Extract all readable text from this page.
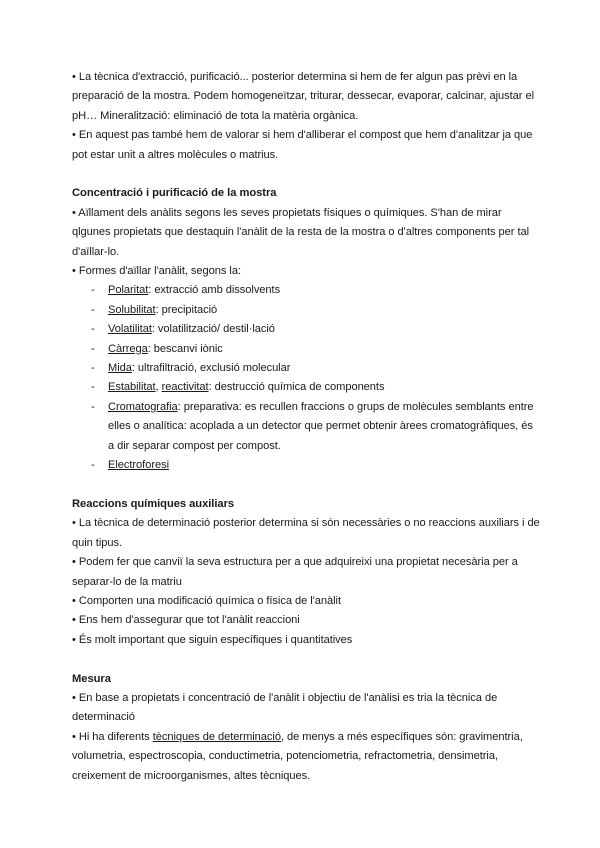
• La tècnica d'extracció, purificació... posterior determina si hem de fer algun pas prèvi en la preparació de la mostra. Podem homogeneïtzar, triturar, dessecar, evaporar, calcinar, ajustar el pH… Mineralització: eliminació de tota la matèria orgànica.

• En aquest pas també hem de valorar si hem d'alliberar el compost que hem d'analitzar ja que pot estar unit a altres molècules o matrius.

Concentració i purificació de la mostra

• Aïllament dels anàlits segons les seves propietats físiques o químiques. S'han de mirar qlgunes propietats que destaquin l'anàlit de la resta de la mostra o d'altres components per tal d'aïllar-lo.

• Formes d'aïllar l'anàlit, segons la:

- Polaritat: extracció amb dissolvents
- Solubilitat: precipitació
- Volatilitat: volatilització/ destil·lació
- Càrrega: bescanvi iònic
- Mida: ultrafiltració, exclusió molecular
- Estabilitat, reactivitat: destrucció química de components
- Cromatografia: preparativa: es recullen fraccions o grups de molècules semblants entre elles o analítica: acoplada a un detector que permet obtenir àrees cromatogràfiques, és a dir separar compost per compost.
- Electroforesi
Reaccions químiques auxiliars

• La tècnica de determinació posterior determina si són necessàries o no reaccions auxiliars i de quin tipus.

• Podem fer que canviï la seva estructura per a que adquireixi una propietat necesària per a separar-lo de la matriu

• Comporten una modificació química o física de l'anàlit

• Ens hem d'assegurar que tot l'anàlit reaccioni

• És molt important que siguin específiques i quantitatives

Mesura

• En base a propietats i concentració de l'anàlit i objectiu de l'anàlisi es tria la tècnica de determinació

• Hi ha diferents tècniques de determinació, de menys a més específiques són: gravimentria, volumetria, espectroscopia, conductimetria, potenciometria, refractometria, densimetria, creixement de microorganismes, altes tècniques.
